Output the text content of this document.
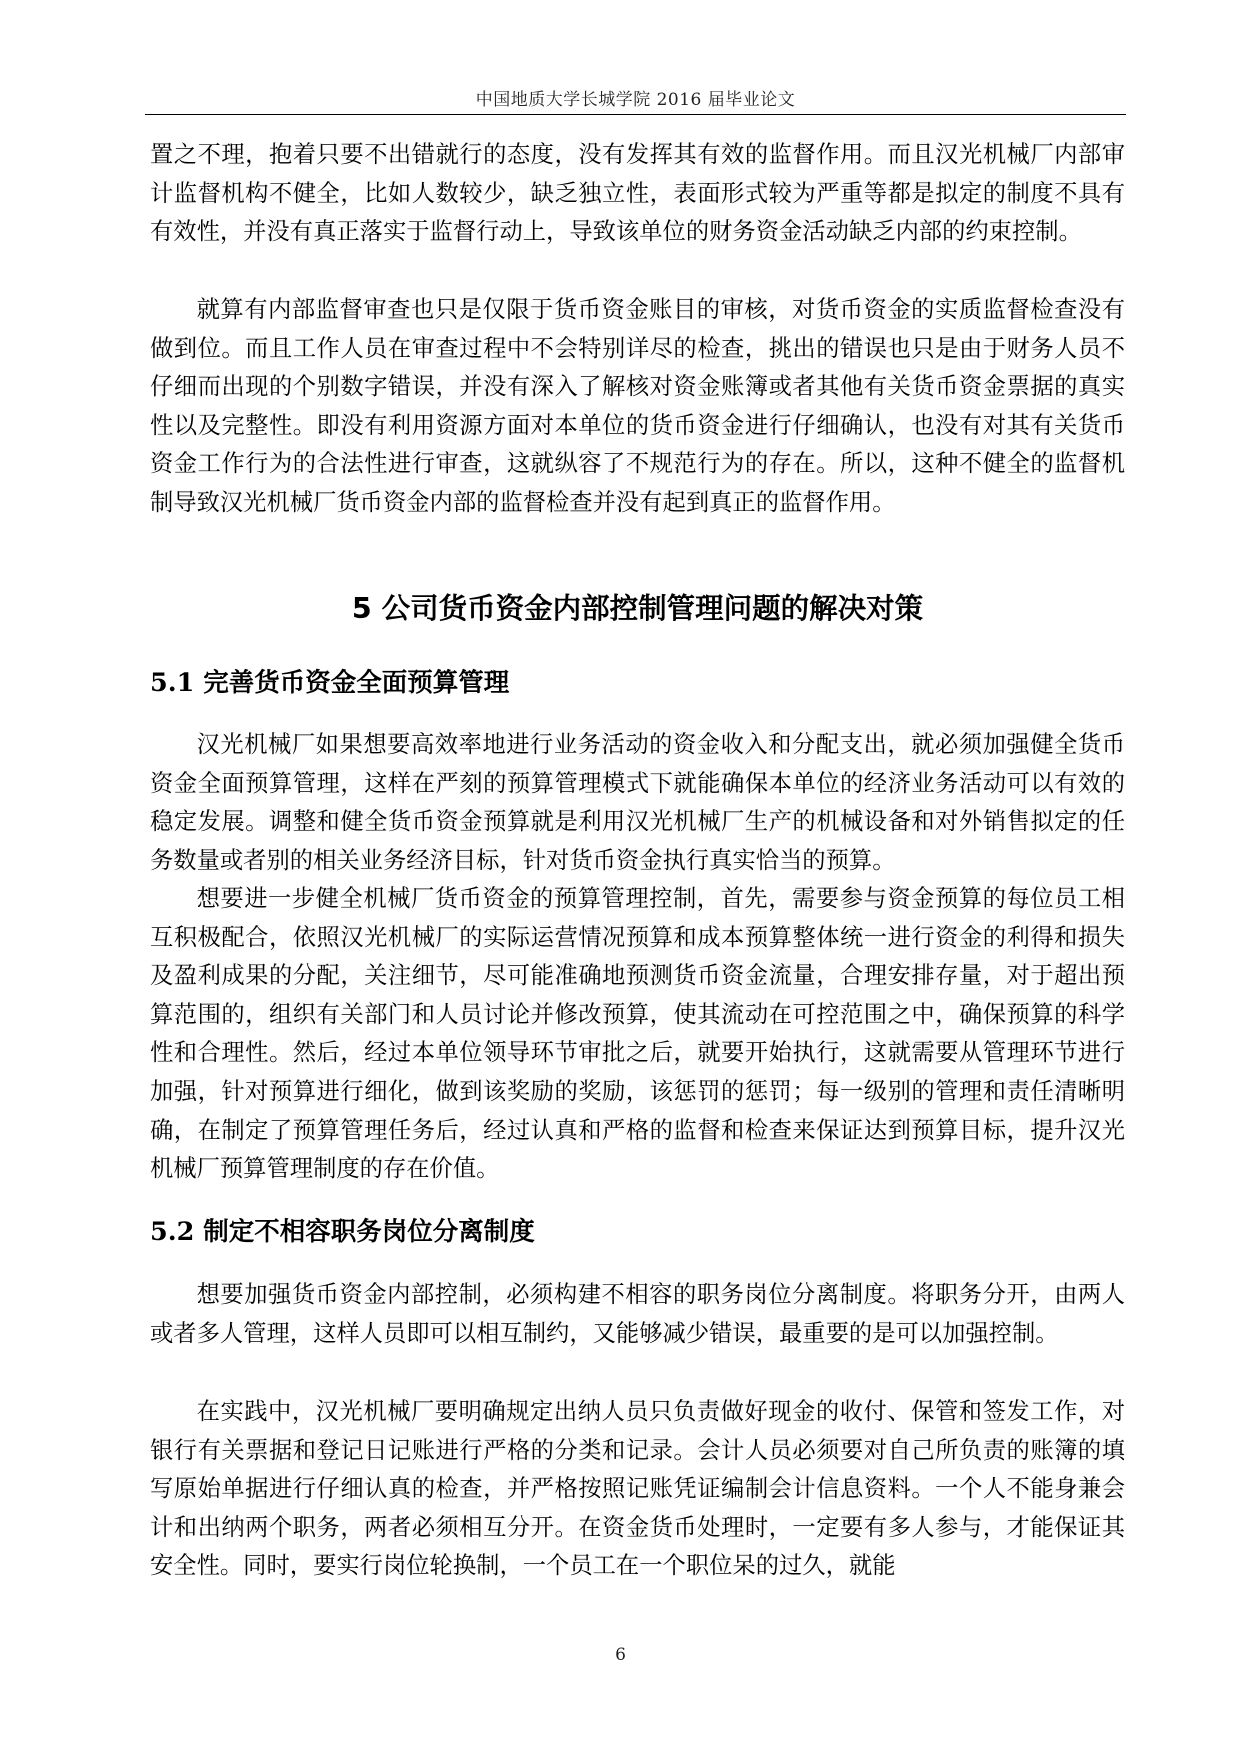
中国地质大学长城学院 2016 届毕业论文

置之不理，抱着只要不出错就行的态度，没有发挥其有效的监督作用。而且汉光机械厂内部审计监督机构不健全，比如人数较少，缺乏独立性，表面形式较为严重等都是拟定的制度不具有有效性，并没有真正落实于监督行动上，导致该单位的财务资金活动缺乏内部的约束控制。

就算有内部监督审查也只是仅限于货币资金账目的审核，对货币资金的实质监督检查没有做到位。而且工作人员在审查过程中不会特别详尽的检查，挑出的错误也只是由于财务人员不仔细而出现的个别数字错误，并没有深入了解核对资金账簿或者其他有关货币资金票据的真实性以及完整性。即没有利用资源方面对本单位的货币资金进行仔细确认，也没有对其有关货币资金工作行为的合法性进行审查，这就纵容了不规范行为的存在。所以，这种不健全的监督机制导致汉光机械厂货币资金内部的监督检查并没有起到真正的监督作用。

5 公司货币资金内部控制管理问题的解决对策
5.1 完善货币资金全面预算管理

汉光机械厂如果想要高效率地进行业务活动的资金收入和分配支出，就必须加强健全货币资金全面预算管理，这样在严刻的预算管理模式下就能确保本单位的经济业务活动可以有效的稳定发展。调整和健全货币资金预算就是利用汉光机械厂生产的机械设备和对外销售拟定的任务数量或者别的相关业务经济目标，针对货币资金执行真实恰当的预算。

想要进一步健全机械厂货币资金的预算管理控制，首先，需要参与资金预算的每位员工相互积极配合，依照汉光机械厂的实际运营情况预算和成本预算整体统一进行资金的利得和损失及盈利成果的分配，关注细节，尽可能准确地预测货币资金流量，合理安排存量，对于超出预算范围的，组织有关部门和人员讨论并修改预算，使其流动在可控范围之中，确保预算的科学性和合理性。然后，经过本单位领导环节审批之后，就要开始执行，这就需要从管理环节进行加强，针对预算进行细化，做到该奖励的奖励，该惩罚的惩罚；每一级别的管理和责任清晰明确，在制定了预算管理任务后，经过认真和严格的监督和检查来保证达到预算目标，提升汉光机械厂预算管理制度的存在价值。

5.2 制定不相容职务岗位分离制度

想要加强货币资金内部控制，必须构建不相容的职务岗位分离制度。将职务分开，由两人或者多人管理，这样人员即可以相互制约，又能够减少错误，最重要的是可以加强控制。

在实践中，汉光机械厂要明确规定出纳人员只负责做好现金的收付、保管和签发工作，对银行有关票据和登记日记账进行严格的分类和记录。会计人员必须要对自己所负责的账簿的填写原始单据进行仔细认真的检查，并严格按照记账凭证编制会计信息资料。一个人不能身兼会计和出纳两个职务，两者必须相互分开。在资金货币处理时，一定要有多人参与，才能保证其安全性。同时，要实行岗位轮换制，一个员工在一个职位呆的过久，就能

6
